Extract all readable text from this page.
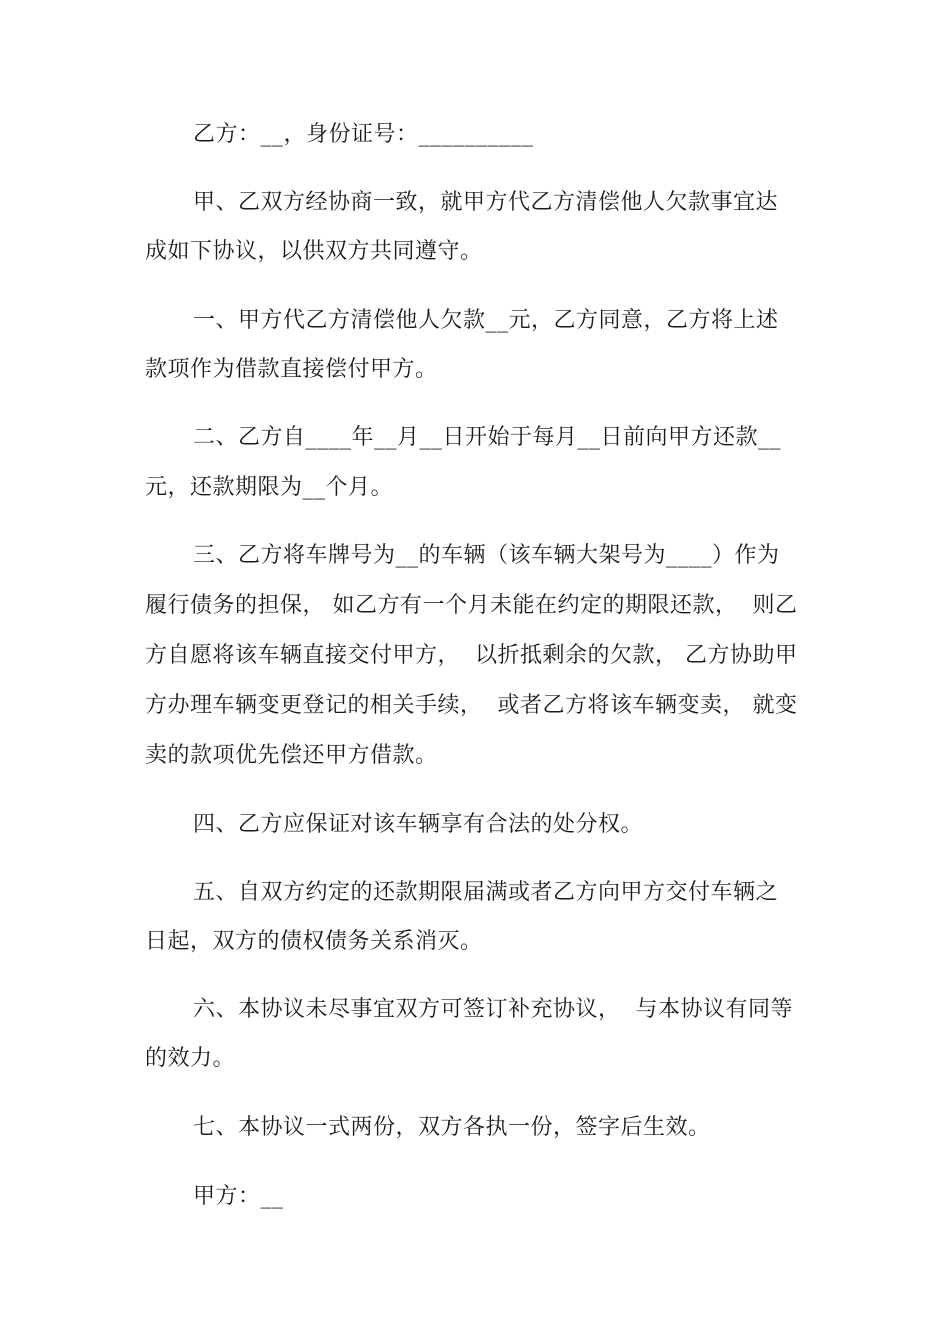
乙方：__，身份证号：__________
甲、乙双方经协商一致，就甲方代乙方清偿他人欠款事宜达
成如下协议，以供双方共同遵守。
一、甲方代乙方清偿他人欠款__元，乙方同意，乙方将上述
款项作为借款直接偿付甲方。
二、乙方自____年__月__日开始于每月__日前向甲方还款__
元，还款期限为__个月。
三、乙方将车牌号为__的车辆（该车辆大架号为____）作为
履行债务的担保， 如乙方有一个月未能在约定的期限还款，  则乙
方自愿将该车辆直接交付甲方，  以折抵剩余的欠款， 乙方协助甲
方办理车辆变更登记的相关手续，  或者乙方将该车辆变卖， 就变
卖的款项优先偿还甲方借款。
四、乙方应保证对该车辆享有合法的处分权。
五、自双方约定的还款期限届满或者乙方向甲方交付车辆之
日起，双方的债权债务关系消灭。
六、本协议未尽事宜双方可签订补充协议，  与本协议有同等
的效力。
七、本协议一式两份，双方各执一份，签字后生效。
甲方：__
